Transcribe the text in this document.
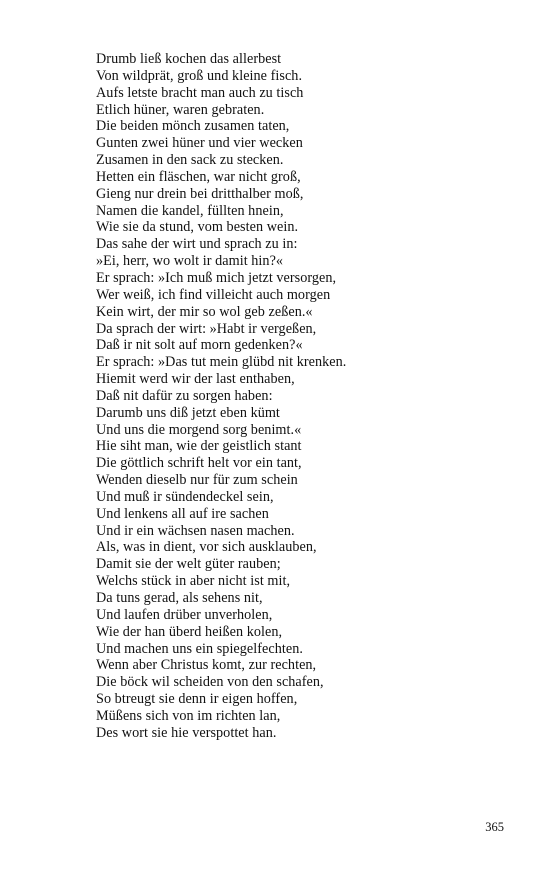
Drumb ließ kochen das allerbest
Von wildprät, groß und kleine fisch.
Aufs letste bracht man auch zu tisch
Etlich hüner, waren gebraten.
Die beiden mönch zusamen taten,
Gunten zwei hüner und vier wecken
Zusamen in den sack zu stecken.
Hetten ein fläschen, war nicht groß,
Gieng nur drein bei dritthalber moß,
Namen die kandel, füllten hnein,
Wie sie da stund, vom besten wein.
Das sahe der wirt und sprach zu in:
»Ei, herr, wo wolt ir damit hin?«
Er sprach: »Ich muß mich jetzt versorgen,
Wer weiß, ich find villeicht auch morgen
Kein wirt, der mir so wol geb zeßen.«
Da sprach der wirt: »Habt ir vergeßen,
Daß ir nit solt auf morn gedenken?«
Er sprach: »Das tut mein glübd nit krenken.
Hiemit werd wir der last enthaben,
Daß nit dafür zu sorgen haben:
Darumb uns diß jetzt eben kümt
Und uns die morgend sorg benimt.«
Hie siht man, wie der geistlich stant
Die göttlich schrift helt vor ein tant,
Wenden dieselb nur für zum schein
Und muß ir sündendeckel sein,
Und lenkens all auf ire sachen
Und ir ein wächsen nasen machen.
Als, was in dient, vor sich ausklauben,
Damit sie der welt güter rauben;
Welchs stück in aber nicht ist mit,
Da tuns gerad, als sehens nit,
Und laufen drüber unverholen,
Wie der han überd heißen kolen,
Und machen uns ein spiegelfechten.
Wenn aber Christus komt, zur rechten,
Die böck wil scheiden von den schafen,
So btreugt sie denn ir eigen hoffen,
Müßens sich von im richten lan,
Des wort sie hie verspottet han.
365
